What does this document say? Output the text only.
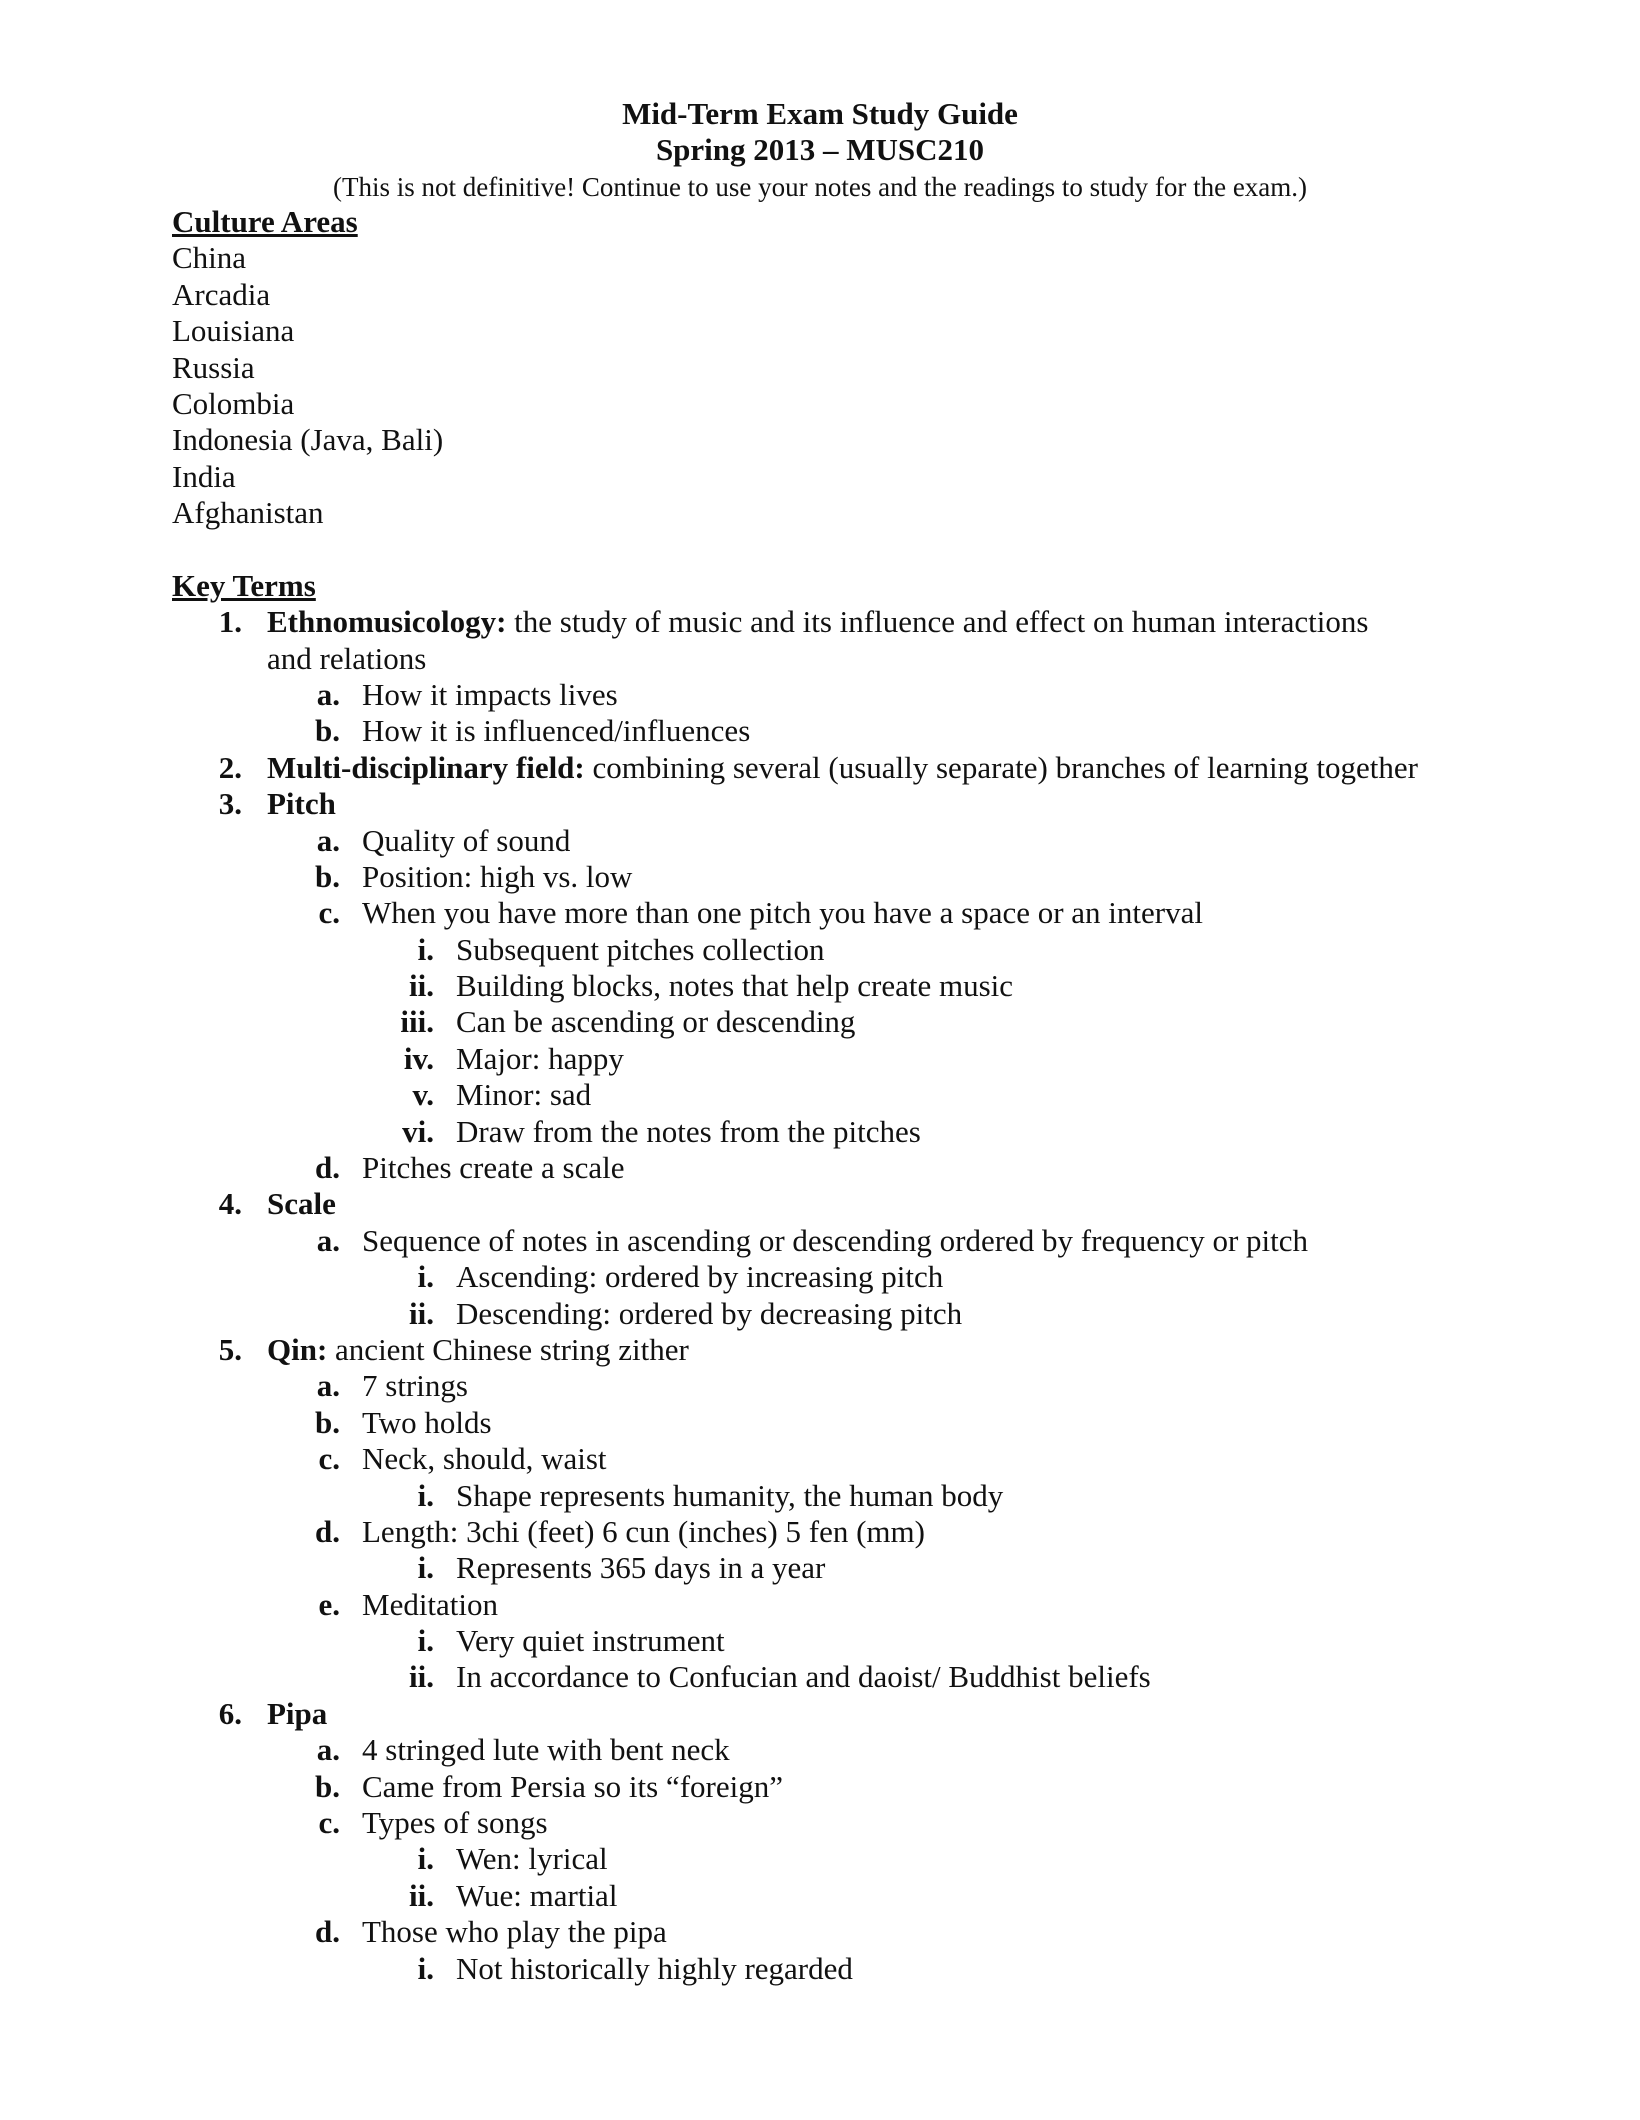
Mid-Term Exam Study Guide
Spring 2013 – MUSC210
(This is not definitive! Continue to use your notes and the readings to study for the exam.)
Culture Areas
China
Arcadia
Louisiana
Russia
Colombia
Indonesia (Java, Bali)
India
Afghanistan
Key Terms
1. Ethnomusicology: the study of music and its influence and effect on human interactions
and relations
a. How it impacts lives
b. How it is influenced/influences
2. Multi-disciplinary field: combining several (usually separate) branches of learning together
3. Pitch
a. Quality of sound
b. Position: high vs. low
c. When you have more than one pitch you have a space or an interval
i. Subsequent pitches collection
ii. Building blocks, notes that help create music
iii. Can be ascending or descending
iv. Major: happy
v. Minor: sad
vi. Draw from the notes from the pitches
d. Pitches create a scale
4. Scale
a. Sequence of notes in ascending or descending ordered by frequency or pitch
i. Ascending: ordered by increasing pitch
ii. Descending: ordered by decreasing pitch
5. Qin: ancient Chinese string zither
a. 7 strings
b. Two holds
c. Neck, should, waist
i. Shape represents humanity, the human body
d. Length: 3chi (feet) 6 cun (inches) 5 fen (mm)
i. Represents 365 days in a year
e. Meditation
i. Very quiet instrument
ii. In accordance to Confucian and daoist/ Buddhist beliefs
6. Pipa
a. 4 stringed lute with bent neck
b. Came from Persia so its “foreign”
c. Types of songs
i. Wen: lyrical
ii. Wue: martial
d. Those who play the pipa
i. Not historically highly regarded
